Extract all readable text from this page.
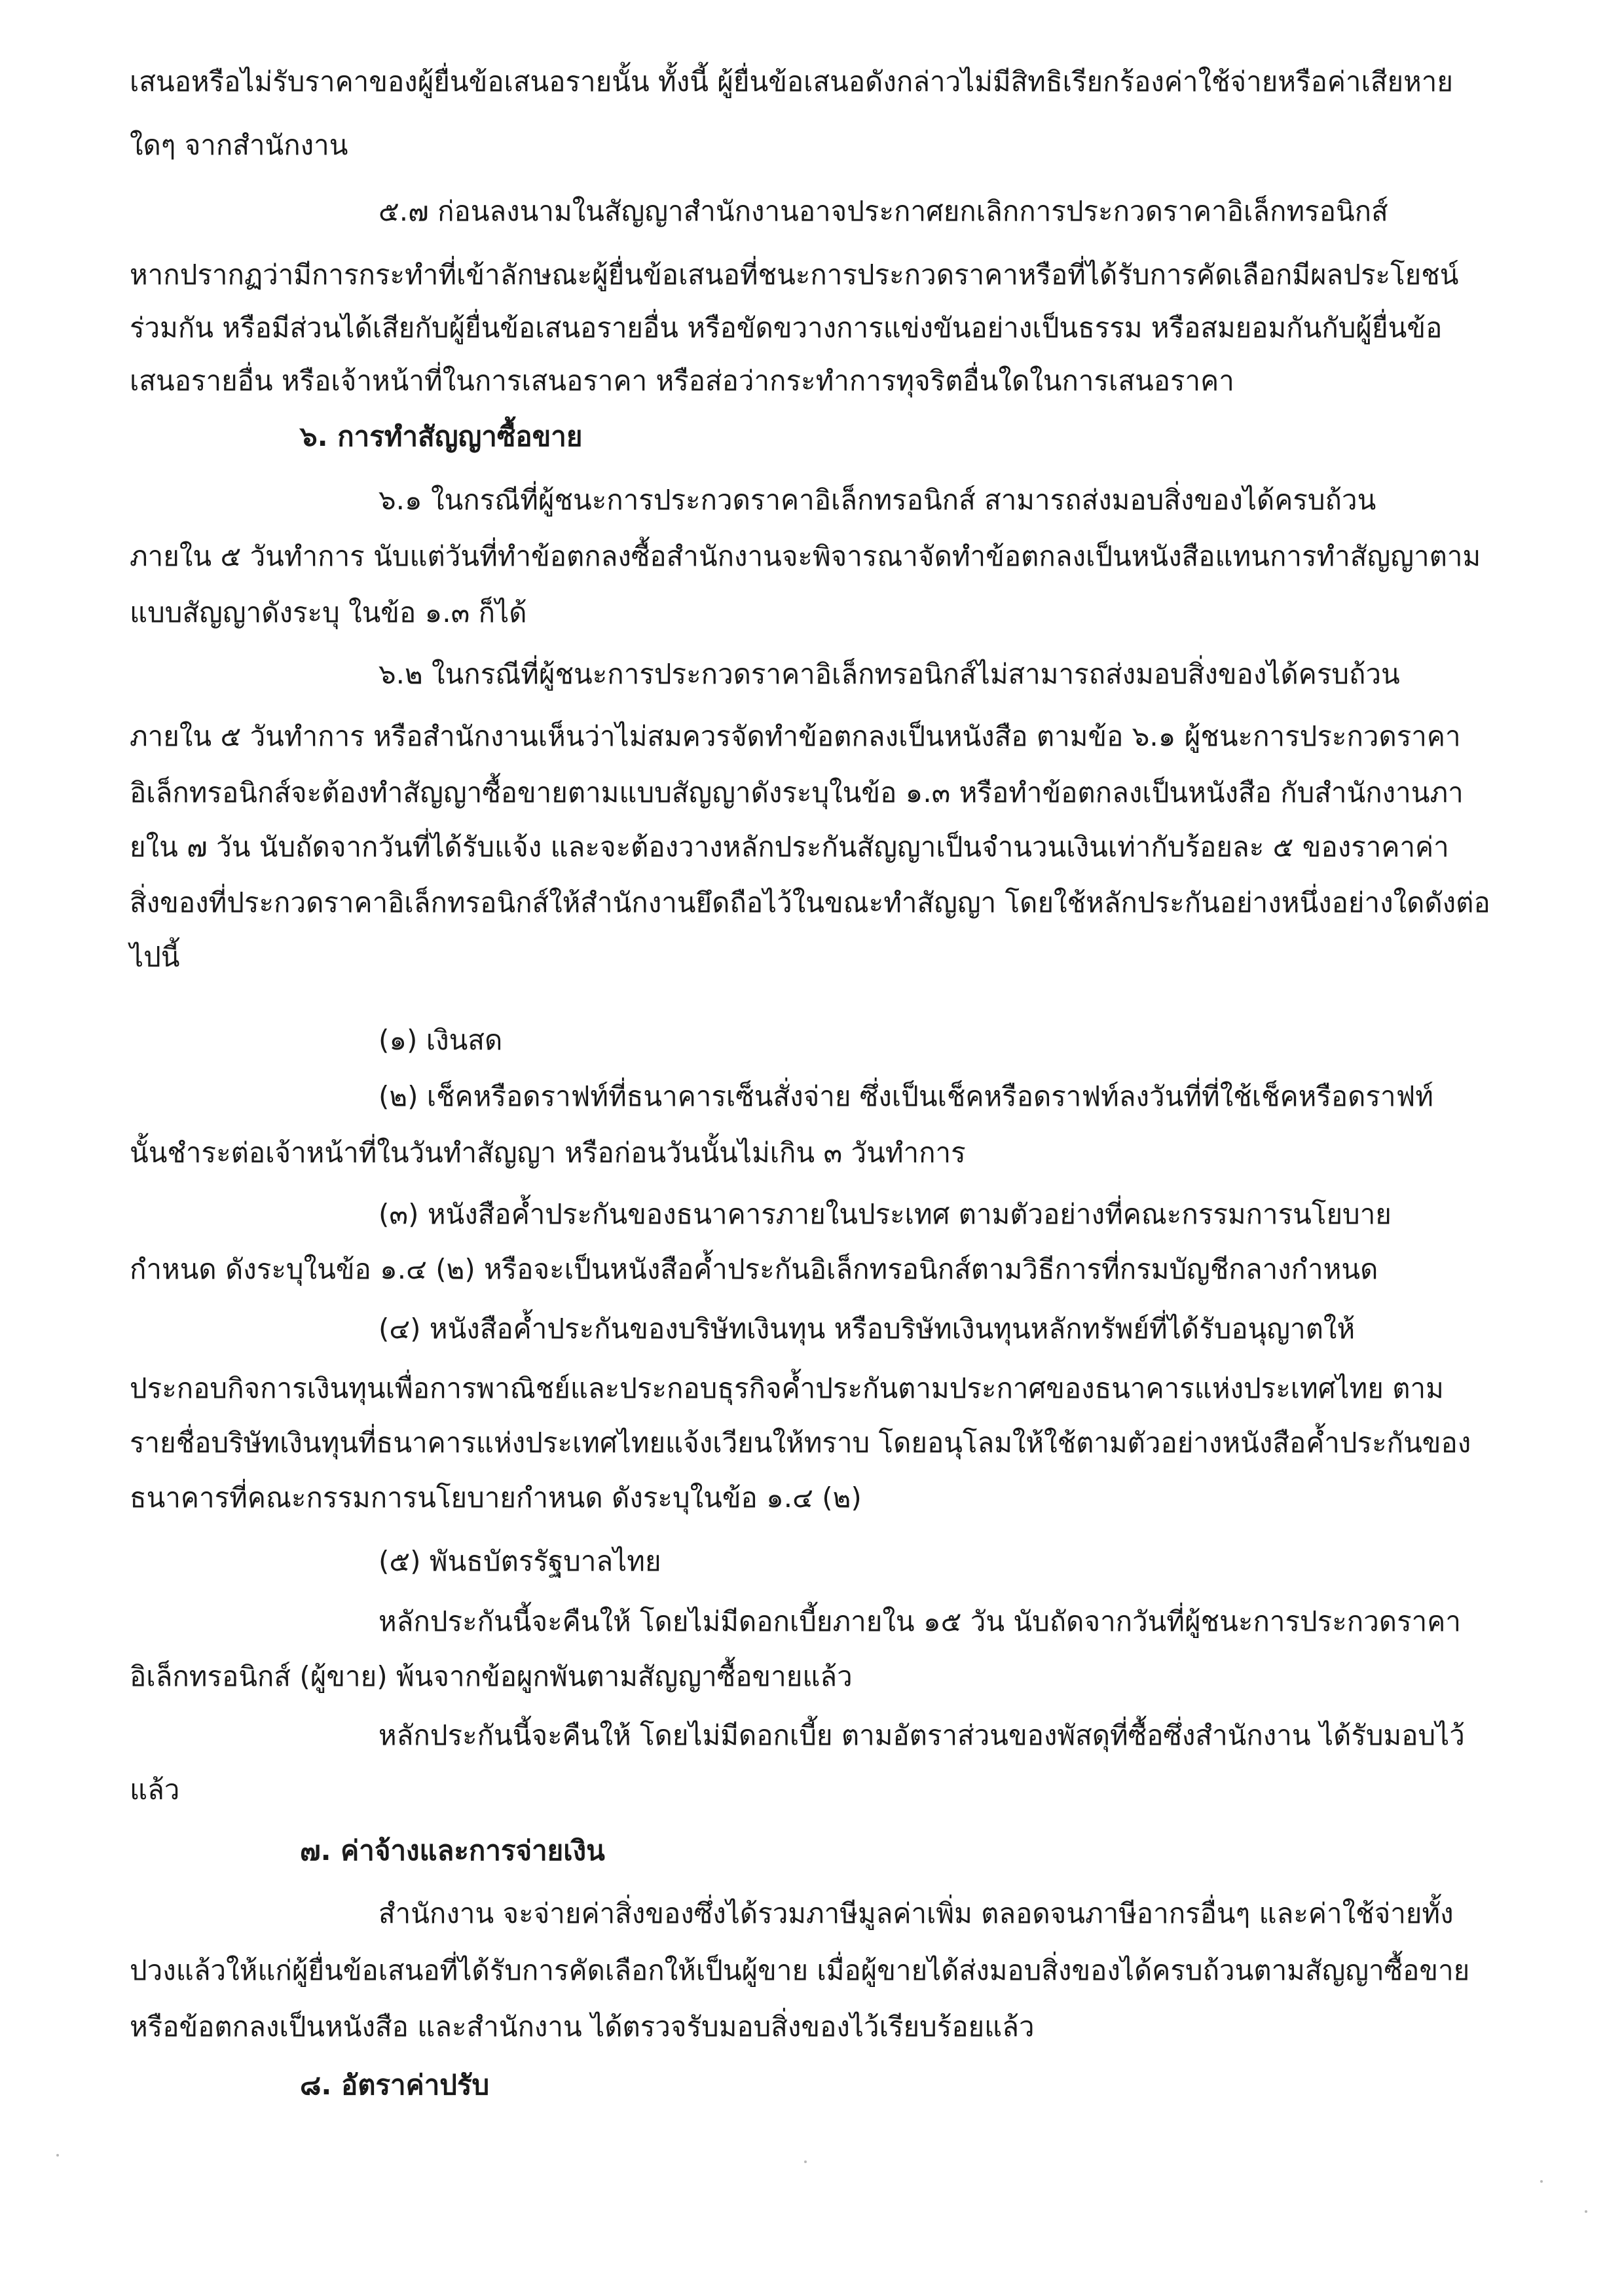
เสนอหรือไม่รับราคาของผู้ยื่นข้อเสนอรายนั้น ทั้งนี้ ผู้ยื่นข้อเสนอดังกล่าวไม่มีสิทธิเรียกร้องค่าใช้จ่ายหรือค่าเสียหาย
ใดๆ จากสำนักงาน
๕.๗ ก่อนลงนามในสัญญาสำนักงานอาจประกาศยกเลิกการประกวดราคาอิเล็กทรอนิกส์
หากปรากฏว่ามีการกระทำที่เข้าลักษณะผู้ยื่นข้อเสนอที่ชนะการประกวดราคาหรือที่ได้รับการคัดเลือกมีผลประโยชน์
ร่วมกัน หรือมีส่วนได้เสียกับผู้ยื่นข้อเสนอรายอื่น หรือขัดขวางการแข่งขันอย่างเป็นธรรม หรือสมยอมกันกับผู้ยื่นข้อ
เสนอรายอื่น หรือเจ้าหน้าที่ในการเสนอราคา หรือส่อว่ากระทำการทุจริตอื่นใดในการเสนอราคา
๖. การทำสัญญาซื้อขาย
๖.๑ ในกรณีที่ผู้ชนะการประกวดราคาอิเล็กทรอนิกส์ สามารถส่งมอบสิ่งของได้ครบถ้วน
ภายใน ๕ วันทำการ นับแต่วันที่ทำข้อตกลงซื้อสำนักงานจะพิจารณาจัดทำข้อตกลงเป็นหนังสือแทนการทำสัญญาตาม
แบบสัญญาดังระบุ ในข้อ ๑.๓ ก็ได้
๖.๒ ในกรณีที่ผู้ชนะการประกวดราคาอิเล็กทรอนิกส์ไม่สามารถส่งมอบสิ่งของได้ครบถ้วน
ภายใน ๕ วันทำการ หรือสำนักงานเห็นว่าไม่สมควรจัดทำข้อตกลงเป็นหนังสือ ตามข้อ ๖.๑ ผู้ชนะการประกวดราคา
อิเล็กทรอนิกส์จะต้องทำสัญญาซื้อขายตามแบบสัญญาดังระบุในข้อ ๑.๓ หรือทำข้อตกลงเป็นหนังสือ กับสำนักงานภา
ยใน ๗ วัน นับถัดจากวันที่ได้รับแจ้ง และจะต้องวางหลักประกันสัญญาเป็นจำนวนเงินเท่ากับร้อยละ ๕ ของราคาค่า
สิ่งของที่ประกวดราคาอิเล็กทรอนิกส์ให้สำนักงานยึดถือไว้ในขณะทำสัญญา โดยใช้หลักประกันอย่างหนึ่งอย่างใดดังต่อ
ไปนี้
(๑) เงินสด
(๒) เช็คหรือดราฟท์ที่ธนาคารเซ็นสั่งจ่าย ซึ่งเป็นเช็คหรือดราฟท์ลงวันที่ที่ใช้เช็คหรือดราฟท์
นั้นชำระต่อเจ้าหน้าที่ในวันทำสัญญา หรือก่อนวันนั้นไม่เกิน ๓ วันทำการ
(๓) หนังสือค้ำประกันของธนาคารภายในประเทศ ตามตัวอย่างที่คณะกรรมการนโยบาย
กำหนด ดังระบุในข้อ ๑.๔ (๒) หรือจะเป็นหนังสือค้ำประกันอิเล็กทรอนิกส์ตามวิธีการที่กรมบัญชีกลางกำหนด
(๔) หนังสือค้ำประกันของบริษัทเงินทุน หรือบริษัทเงินทุนหลักทรัพย์ที่ได้รับอนุญาตให้
ประกอบกิจการเงินทุนเพื่อการพาณิชย์และประกอบธุรกิจค้ำประกันตามประกาศของธนาคารแห่งประเทศไทย ตาม
รายชื่อบริษัทเงินทุนที่ธนาคารแห่งประเทศไทยแจ้งเวียนให้ทราบ โดยอนุโลมให้ใช้ตามตัวอย่างหนังสือค้ำประกันของ
ธนาคารที่คณะกรรมการนโยบายกำหนด ดังระบุในข้อ ๑.๔ (๒)
(๕) พันธบัตรรัฐบาลไทย
หลักประกันนี้จะคืนให้ โดยไม่มีดอกเบี้ยภายใน ๑๕ วัน นับถัดจากวันที่ผู้ชนะการประกวดราคา
อิเล็กทรอนิกส์ (ผู้ขาย) พ้นจากข้อผูกพันตามสัญญาซื้อขายแล้ว
หลักประกันนี้จะคืนให้ โดยไม่มีดอกเบี้ย ตามอัตราส่วนของพัสดุที่ซื้อซึ่งสำนักงาน ได้รับมอบไว้
แล้ว
๗. ค่าจ้างและการจ่ายเงิน
สำนักงาน จะจ่ายค่าสิ่งของซึ่งได้รวมภาษีมูลค่าเพิ่ม ตลอดจนภาษีอากรอื่นๆ และค่าใช้จ่ายทั้ง
ปวงแล้วให้แก่ผู้ยื่นข้อเสนอที่ได้รับการคัดเลือกให้เป็นผู้ขาย เมื่อผู้ขายได้ส่งมอบสิ่งของได้ครบถ้วนตามสัญญาซื้อขาย
หรือข้อตกลงเป็นหนังสือ และสำนักงาน ได้ตรวจรับมอบสิ่งของไว้เรียบร้อยแล้ว
๘. อัตราค่าปรับ
